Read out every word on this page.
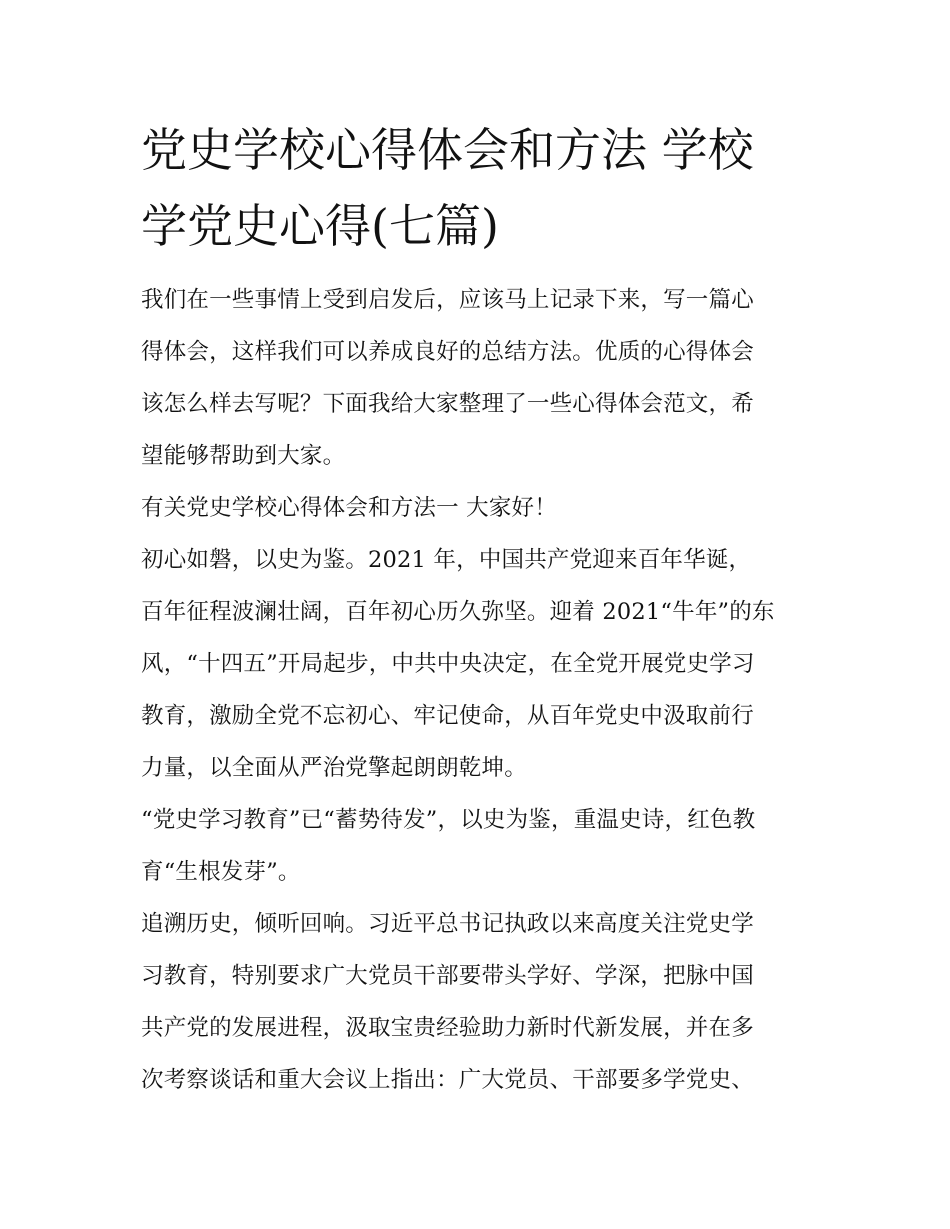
党史学校心得体会和方法 学校
学党史心得(七篇)
我们在一些事情上受到启发后，应该马上记录下来，写一篇心
得体会，这样我们可以养成良好的总结方法。优质的心得体会
该怎么样去写呢？下面我给大家整理了一些心得体会范文，希
望能够帮助到大家。
有关党史学校心得体会和方法一 大家好！
初心如磐，以史为鉴。2021 年，中国共产党迎来百年华诞，
百年征程波澜壮阔，百年初心历久弥坚。迎着 2021“牛年”的东
风，“十四五”开局起步，中共中央决定，在全党开展党史学习
教育，激励全党不忘初心、牢记使命，从百年党史中汲取前行
力量，以全面从严治党擎起朗朗乾坤。
“党史学习教育”已“蓄势待发”，以史为鉴，重温史诗，红色教
育“生根发芽”。
追溯历史，倾听回响。习近平总书记执政以来高度关注党史学
习教育，特别要求广大党员干部要带头学好、学深，把脉中国
共产党的发展进程，汲取宝贵经验助力新时代新发展，并在多
次考察谈话和重大会议上指出：广大党员、干部要多学党史、
